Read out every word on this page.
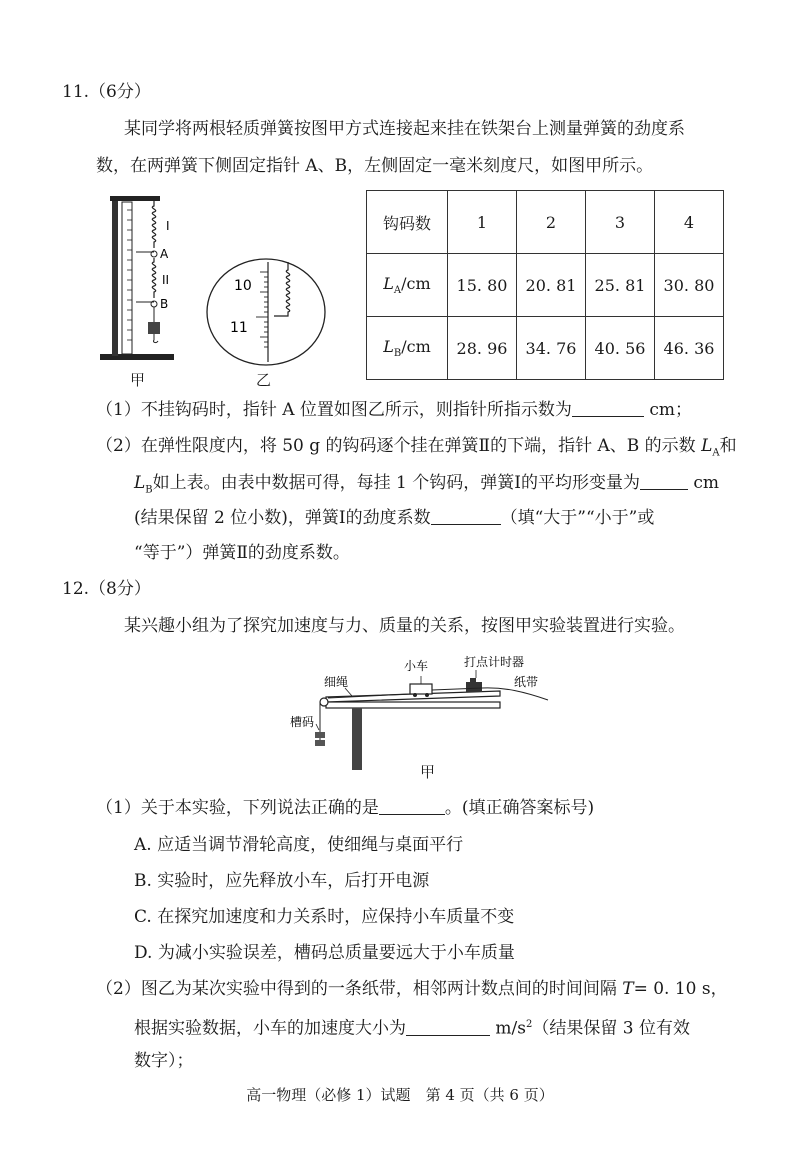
11.（6分）
某同学将两根轻质弹簧按图甲方式连接起来挂在铁架台上测量弹簧的劲度系
数，在两弹簧下侧固定指针 A、B，左侧固定一毫米刻度尺，如图甲所示。
I
A
II
B
甲
10
11
乙
钩码数	1	2	3	4
$L_A/cm$	15. 80	20. 81	25. 81	30. 80
$L_B/cm$	28. 96	34. 76	40. 56	46. 36
（1）不挂钩码时，指针 A 位置如图乙所示，则指针所指示数为	cm；
（2）在弹性限度内，将 50 g 的钩码逐个挂在弹簧Ⅱ的下端，指针 A、B 的示数 $L_A$和
$L_B$如上表。由表中数据可得，每挂 1 个钩码，弹簧Ⅰ的平均形变量为	cm
(结果保留 2 位小数)，弹簧Ⅰ的劲度系数	（填“大于”“小于”或
“等于”）弹簧Ⅱ的劲度系数。
12.（8分）
某兴趣小组为了探究加速度与力、质量的关系，按图甲实验装置进行实验。
小车	打点计时器
细绳	纸带
槽码
甲
（1）关于本实验，下列说法正确的是	。(填正确答案标号)
A. 应适当调节滑轮高度，使细绳与桌面平行
B. 实验时，应先释放小车，后打开电源
C. 在探究加速度和力关系时，应保持小车质量不变
D. 为减小实验误差，槽码总质量要远大于小车质量
（2）图乙为某次实验中得到的一条纸带，相邻两计数点间的时间间隔 T= 0. 10 s，
根据实验数据，小车的加速度大小为	$m/s^2$（结果保留 3 位有效
数字）；
高一物理（必修 1）试题　第 4 页（共 6 页）
